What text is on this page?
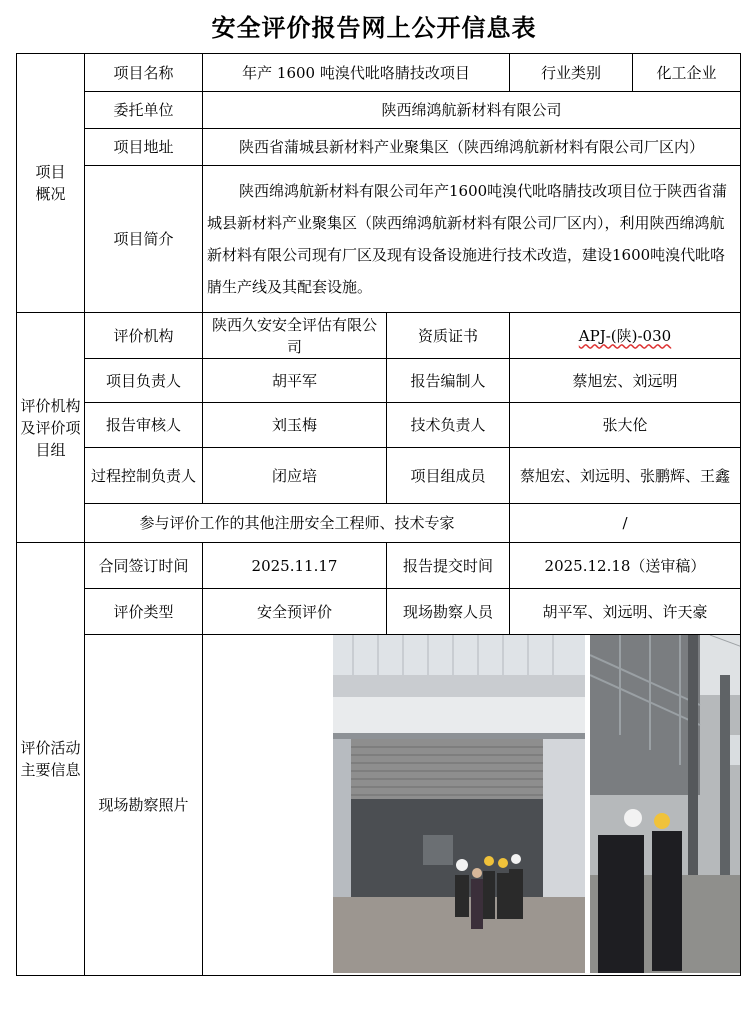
安全评价报告网上公开信息表
项目
概况	项目名称	年产 1600 吨溴代吡咯腈技改项目		行业类别	化工企业
	委托单位	陕西绵鸿航新材料有限公司			
	项目地址	陕西省蒲城县新材料产业聚集区（陕西绵鸿航新材料有限公司厂区内）			
	项目简介	陕西绵鸿航新材料有限公司年产1600吨溴代吡咯腈技改项目位于陕西省蒲城县新材料产业聚集区（陕西绵鸿航新材料有限公司厂区内），利用陕西绵鸿航新材料有限公司现有厂区及现有设备设施进行技术改造，建设1600吨溴代吡咯腈生产线及其配套设施。			
评价机构及评价项目组	评价机构	陕西久安安全评估有限公司	资质证书	APJ-(陕)-030	
	项目负责人	胡平军	报告编制人	蔡旭宏、刘远明	
	报告审核人	刘玉梅	技术负责人	张大伦	
	过程控制负责人	闭应培	项目组成员	蔡旭宏、刘远明、张鹏辉、王鑫	
	参与评价工作的其他注册安全工程师、技术专家			/	
评价活动主要信息	合同签订时间	2025.11.17	报告提交时间	2025.12.18（送审稿）	
	评价类型	安全预评价	现场勘察人员	胡平军、刘远明、许天豪	
	现场勘察照片	
